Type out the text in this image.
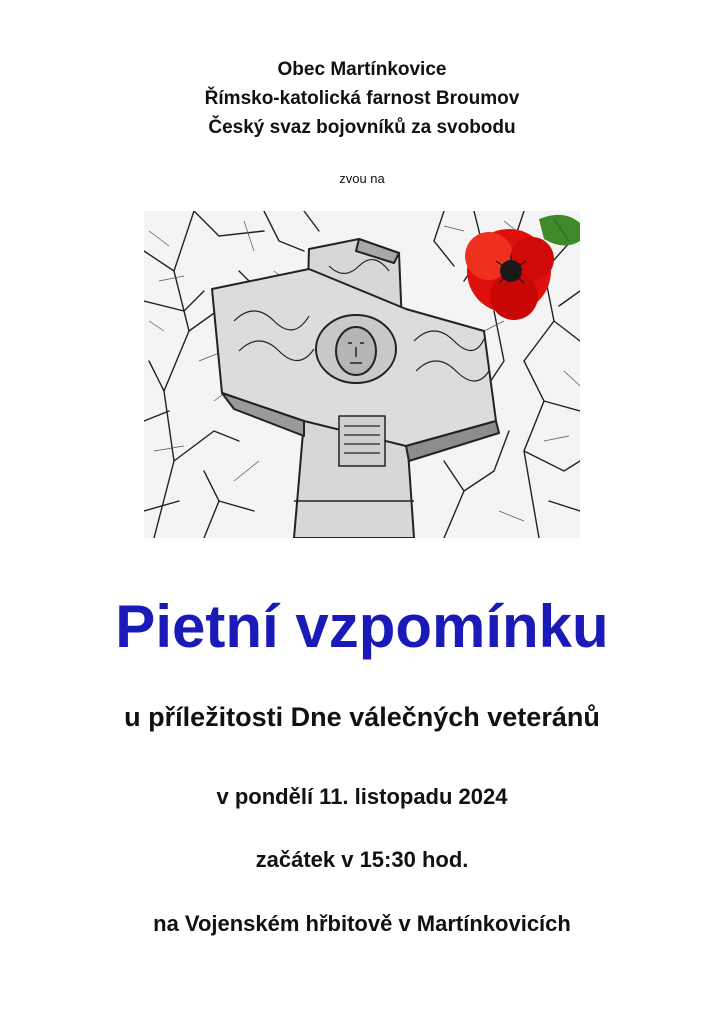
Obec Martínkovice
Římsko-katolická farnost Broumov
Český svaz bojovníků za svobodu
zvou na
Pietní vzpomínku
u příležitosti Dne válečných veteránů
v pondělí 11. listopadu 2024
začátek v 15:30 hod.
na Vojenském hřbitově v Martínkovicích
